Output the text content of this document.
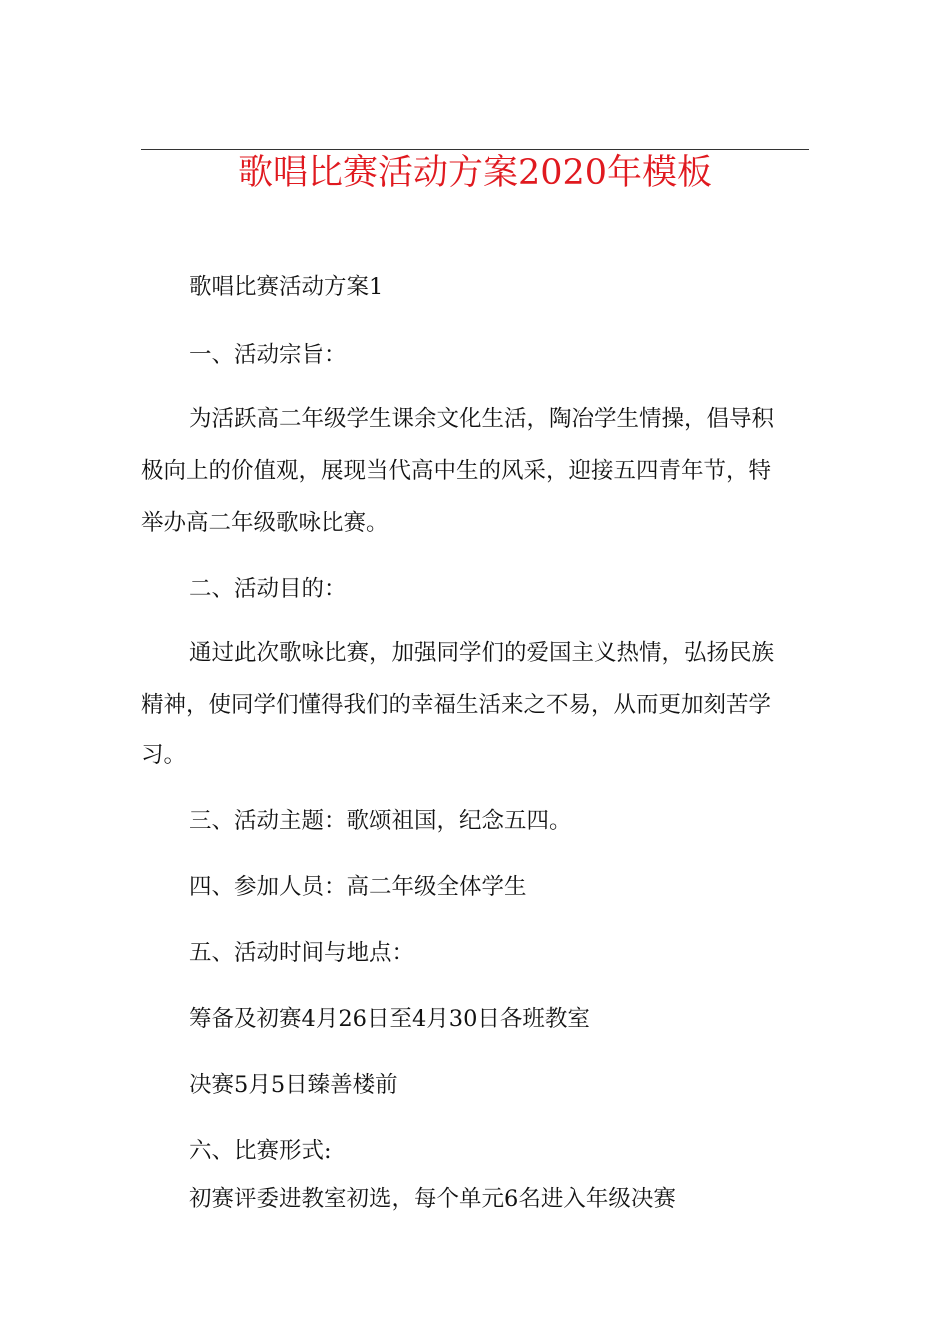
歌唱比赛活动方案2020年模板
歌唱比赛活动方案1
一、活动宗旨：
为活跃高二年级学生课余文化生活，陶冶学生情操，倡导积
极向上的价值观，展现当代高中生的风采，迎接五四青年节，特
举办高二年级歌咏比赛。
二、活动目的：
通过此次歌咏比赛，加强同学们的爱国主义热情，弘扬民族
精神，使同学们懂得我们的幸福生活来之不易，从而更加刻苦学
习。
三、活动主题：歌颂祖国，纪念五四。
四、参加人员：高二年级全体学生
五、活动时间与地点：
筹备及初赛4月26日至4月30日各班教室
决赛5月5日臻善楼前
六、比赛形式:
初赛评委进教室初选，每个单元6名进入年级决赛
